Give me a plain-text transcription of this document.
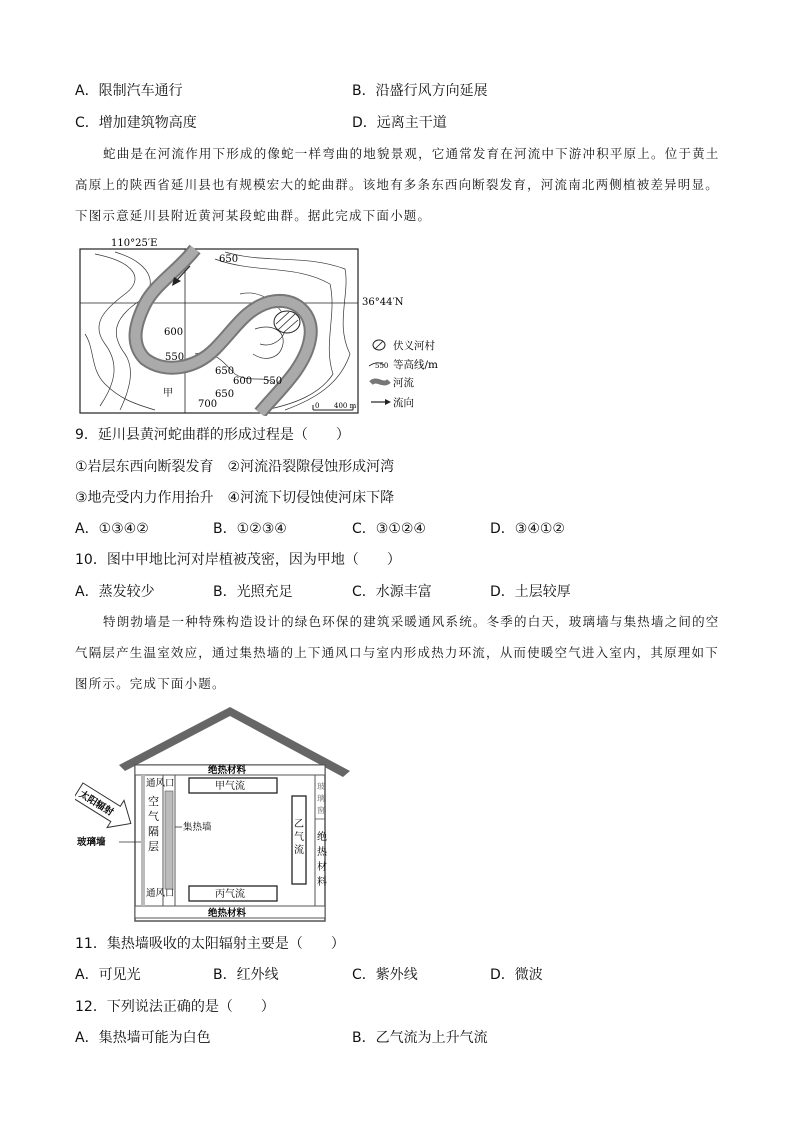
A．限制汽车通行	B．沿盛行风方向延展
C．增加建筑物高度	D．远离主干道
蛇曲是在河流作用下形成的像蛇一样弯曲的地貌景观，它通常发育在河流中下游冲积平原上。位于黄土高原上的陕西省延川县也有规模宏大的蛇曲群。该地有多条东西向断裂发育，河流南北两侧植被差异明显。下图示意延川县附近黄河某段蛇曲群。据此完成下面小题。
110°25′E
36°44′N
650
600
550
650
600 550
700
650
甲
0 400 m
伏义河村
550 等高线/m
河流
流向
9．延川县黄河蛇曲群的形成过程是（　　）
①岩层东西向断裂发育　②河流沿裂隙侵蚀形成河湾
③地壳受内力作用抬升　④河流下切侵蚀使河床下降
A．①③④②	B．①②③④	C．③①②④	D．③④①②
10．图中甲地比河对岸植被茂密，因为甲地（　　）
A．蒸发较少	B．光照充足	C．水源丰富	D．土层较厚
特朗勃墙是一种特殊构造设计的绿色环保的建筑采暖通风系统。冬季的白天，玻璃墙与集热墙之间的空气隔层产生温室效应，通过集热墙的上下通风口与室内形成热力环流，从而使暖空气进入室内，其原理如下图所示。完成下面小题。
绝热材料
绝热材料
通风口
通风口
空
气
隔
层
集热墙
甲气流
丙气流
乙
气
流
玻
璃
窗
绝
热
材
料
太阳辐射
玻璃墙
11．集热墙吸收的太阳辐射主要是（　　）
A．可见光	B．红外线	C．紫外线	D．微波
12．下列说法正确的是（　　）
A．集热墙可能为白色	B．乙气流为上升气流
